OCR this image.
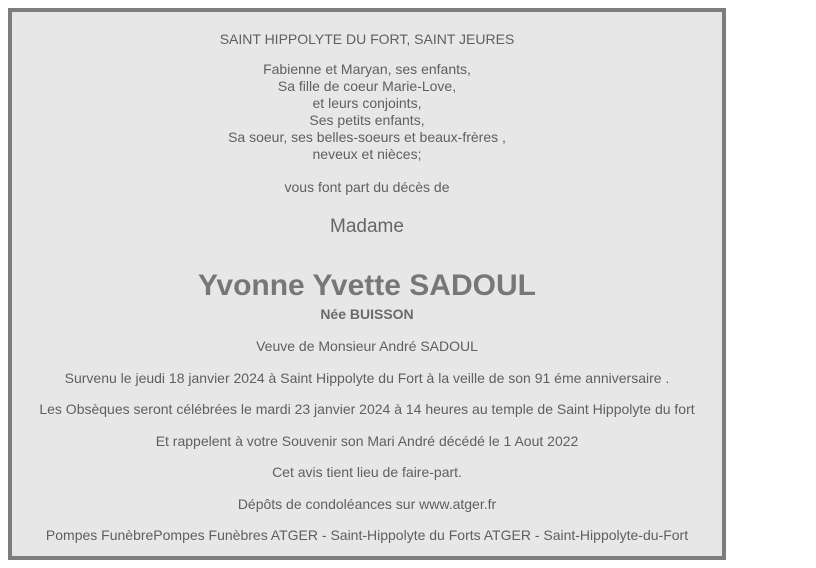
SAINT HIPPOLYTE DU FORT, SAINT JEURES
Fabienne et Maryan, ses enfants,
Sa fille de coeur Marie-Love,
et leurs conjoints,
Ses petits enfants,
Sa soeur, ses belles-soeurs et beaux-frères ,
neveux et nièces;
vous font part du décès de
Madame
Yvonne Yvette SADOUL
Née BUISSON
Veuve de Monsieur André SADOUL
Survenu le jeudi 18 janvier 2024 à Saint Hippolyte du Fort à la veille de son 91 éme anniversaire .
Les Obsèques seront célébrées le mardi 23 janvier 2024 à 14 heures au temple de Saint Hippolyte du fort
Et rappelent à votre Souvenir son Mari André décédé le 1 Aout 2022
Cet avis tient lieu de faire-part.
Dépôts de condoléances sur www.atger.fr
Pompes FunèbrePompes Funèbres ATGER - Saint-Hippolyte du Forts ATGER - Saint-Hippolyte-du-Fort
